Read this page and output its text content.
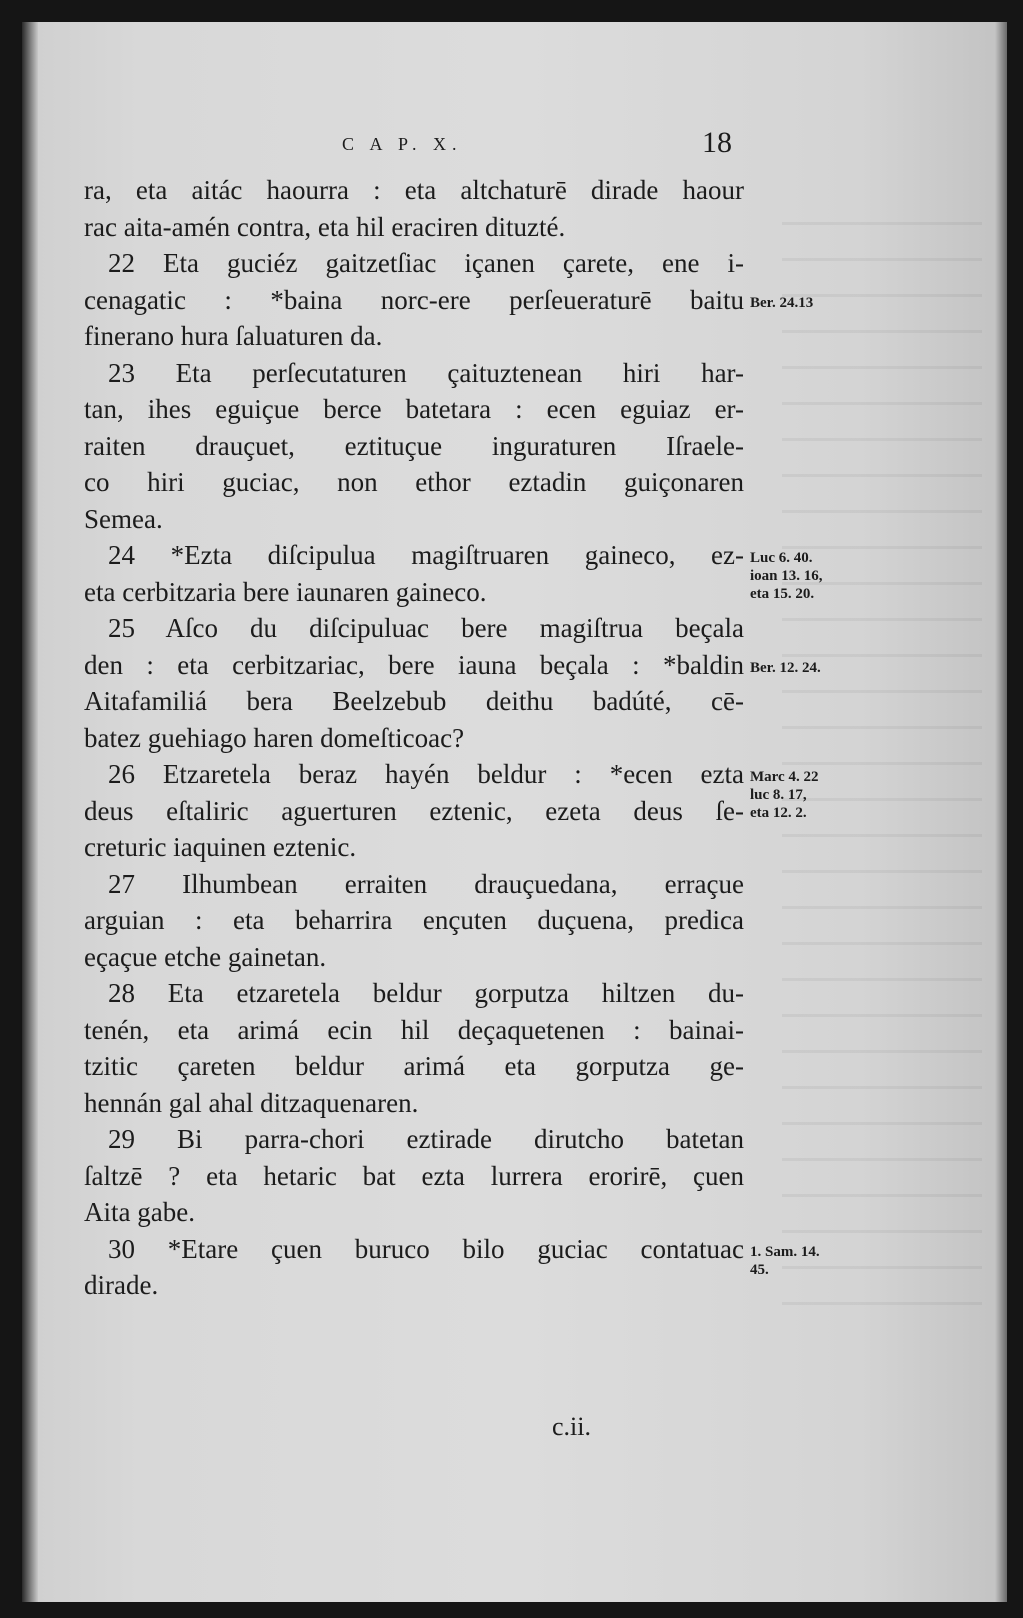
C A P. X.	18
ra, eta aitác haourra : eta altchaturē dirade haour
rac aita-amén contra, eta hil eraciren dituzté.
22 Eta guciéz gaitzetſiac içanen çarete, ene i-
cenagatic : *baina norc-ere perſeueraturē baitu
finerano hura ſaluaturen da.
23 Eta perſecutaturen çaituztenean hiri har-
tan, ihes eguiçue berce batetara : ecen eguiaz er-
raiten drauçuet, eztituçue inguraturen Iſraele-
co hiri guciac, non ethor eztadin guiçonaren
Semea.
24 *Ezta diſcipulua magiſtruaren gaineco, ez-
eta cerbitzaria bere iaunaren gaineco.
25 Aſco du diſcipuluac bere magiſtrua beçala
den : eta cerbitzariac, bere iauna beçala : *baldin
Aitafamiliá bera Beelzebub deithu badúté, cē-
batez guehiago haren domeſticoac?
26 Etzaretela beraz hayén beldur : *ecen ezta
deus eſtaliric aguerturen eztenic, ezeta deus ſe-
creturic iaquinen eztenic.
27 Ilhumbean erraiten drauçuedana, erraçue
arguian : eta beharrira ençuten duçuena, predica
eçaçue etche gainetan.
28 Eta etzaretela beldur gorputza hiltzen du-
tenén, eta arimá ecin hil deçaquetenen : bainai-
tzitic çareten beldur arimá eta gorputza ge-
hennán gal ahal ditzaquenaren.
29 Bi parra-chori eztirade dirutcho batetan
ſaltzē ? eta hetaric bat ezta lurrera erorirē, çuen
Aita gabe.
30 *Etare çuen buruco bilo guciac contatuac
dirade.
Ber. 24.13
Luc 6. 40.
ioan 13. 16,
eta 15. 20.
Ber. 12. 24.
Marc 4. 22
luc 8. 17,
eta 12. 2.
1. Sam. 14.
45.
c.ii.
